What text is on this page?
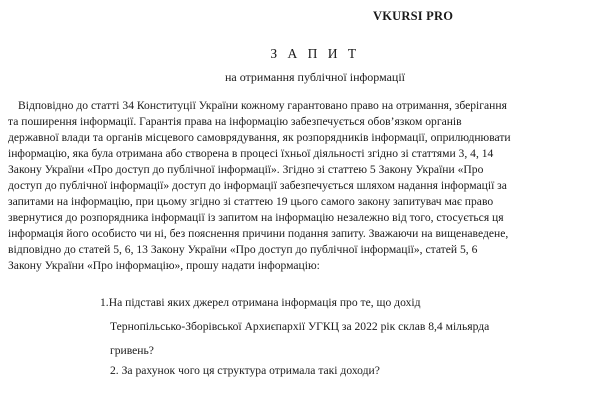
VKURSI PRO
З А П И Т
на отримання публічної інформації
Відповідно до статті 34 Конституції України кожному гарантовано право на отримання, зберігання
та поширення інформації. Гарантія права на інформацію забезпечується обов’язком органів
державної влади та органів місцевого самоврядування, як розпорядників інформації, оприлюднювати
інформацію, яка була отримана або створена в процесі їхньої діяльності згідно зі статтями 3, 4, 14
Закону України «Про доступ до публічної інформації». Згідно зі статтею 5 Закону України «Про
доступ до публічної інформації» доступ до інформації забезпечується шляхом надання інформації за
запитами на інформацію, при цьому згідно зі статтею 19 цього самого закону запитувач має право
звернутися до розпорядника інформації із запитом на інформацію незалежно від того, стосується ця
інформація його особисто чи ні, без пояснення причини подання запиту. Зважаючи на вищенаведене,
відповідно до статей 5, 6, 13 Закону України «Про доступ до публічної інформації», статей 5, 6
Закону України «Про інформацію», прошу надати інформацію:
1.На підставі яких джерел отримана інформація про те, що дохід
Тернопільсько-Зборівської Архиєпархії УГКЦ за 2022 рік склав 8,4 мільярда
гривень?
2. За рахунок чого ця структура отримала такі доходи?
